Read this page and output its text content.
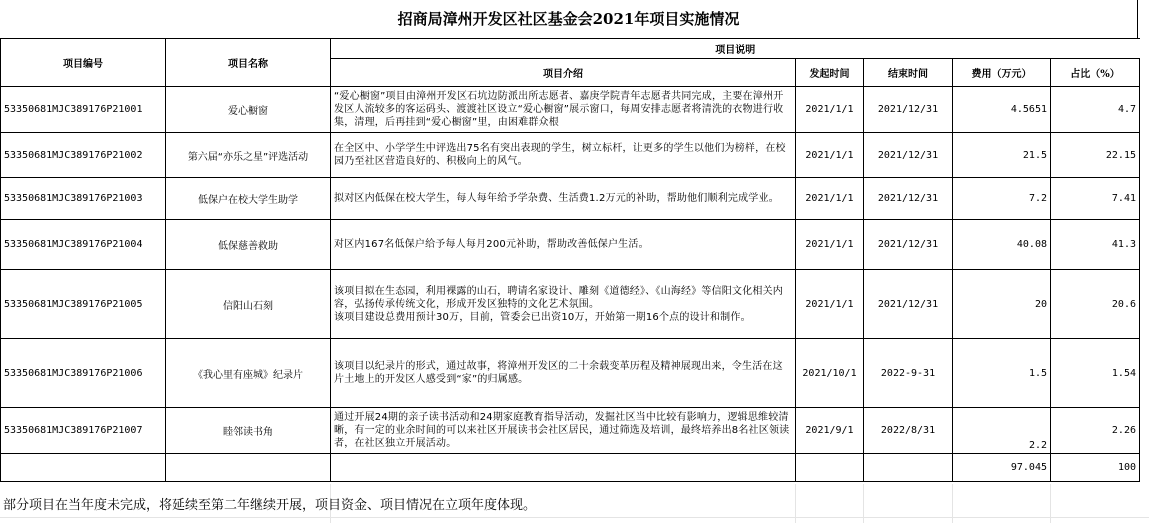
招商局漳州开发区社区基金会2021年项目实施情况
项目编号	项目名称	项目说明				
		项目介绍	发起时间	结束时间	费用（万元）	占比（%）
53350681MJC389176P21001	爱心橱窗	“爱心橱窗”项目由漳州开发区石坑边防派出所志愿者、嘉庚学院青年志愿者共同完成，主要在漳州开发区人流较多的客运码头、渡渡社区设立“爱心橱窗”展示窗口，每周安排志愿者将清洗的衣物进行收集，清理，后再挂到“爱心橱窗”里，由困难群众根	2021/1/1	2021/12/31	4.5651	4.7
53350681MJC389176P21002	第六届“亦乐之星”评选活动	在全区中、小学学生中评选出75名有突出表现的学生，树立标杆，让更多的学生以他们为榜样，在校园乃至社区营造良好的、积极向上的风气。	2021/1/1	2021/12/31	21.5	22.15
53350681MJC389176P21003	低保户在校大学生助学	拟对区内低保在校大学生，每人每年给予学杂费、生活费1.2万元的补助，帮助他们顺利完成学业。	2021/1/1	2021/12/31	7.2	7.41
53350681MJC389176P21004	低保慈善救助	对区内167名低保户给予每人每月200元补助，帮助改善低保户生活。	2021/1/1	2021/12/31	40.08	41.3
53350681MJC389176P21005	信阳山石刻	该项目拟在生态园，利用裸露的山石，聘请名家设计、雕刻《道德经》、《山海经》等信阳文化相关内容，弘扬传承传统文化，形成开发区独特的文化艺术氛围。
该项目建设总费用预计30万，目前，管委会已出资10万，开始第一期16个点的设计和制作。	2021/1/1	2021/12/31	20	20.6
53350681MJC389176P21006	《我心里有座城》纪录片	该项目以纪录片的形式，通过故事，将漳州开发区的二十余载变革历程及精神展现出来，令生活在这片土地上的开发区人感受到“家”的归属感。	2021/10/1	2022-9-31	1.5	1.54
53350681MJC389176P21007	睦邻读书角	通过开展24期的亲子读书活动和24期家庭教育指导活动，发掘社区当中比较有影响力，逻辑思维较清晰，有一定的业余时间的可以来社区开展读书会社区居民，通过筛选及培训，最终培养出8名社区领读者，在社区独立开展活动。	2021/9/1	2022/8/31	2.2	2.26
					97.045	100
部分项目在当年度未完成，将延续至第二年继续开展，项目资金、项目情况在立项年度体现。
